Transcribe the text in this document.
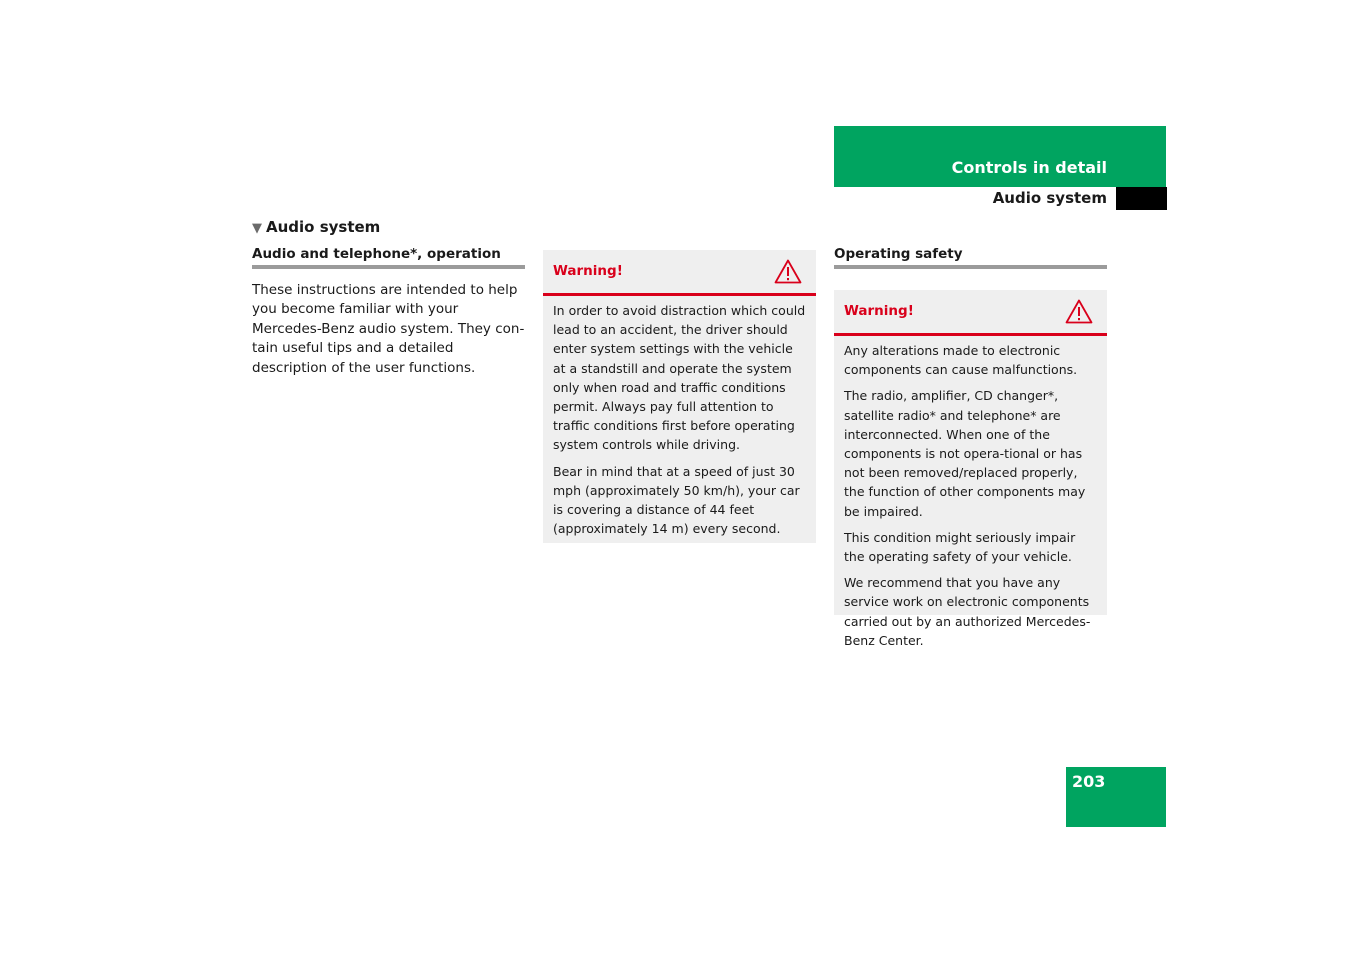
Controls in detail
Audio system
▼ Audio system
Audio and telephone*, operation
These instructions are intended to help you become familiar with your Mercedes-Benz audio system. They con-tain useful tips and a detailed description of the user functions.
Warning!

In order to avoid distraction which could lead to an accident, the driver should enter system settings with the vehicle at a standstill and operate the system only when road and traffic conditions permit. Always pay full attention to traffic conditions first before operating system controls while driving.

Bear in mind that at a speed of just 30 mph (approximately 50 km/h), your car is covering a distance of 44 feet (approximately 14 m) every second.

Operating safety
Warning!

Any alterations made to electronic components can cause malfunctions.

The radio, amplifier, CD changer*, satellite radio* and telephone* are interconnected. When one of the components is not opera-tional or has not been removed/replaced properly, the function of other components may be impaired.

This condition might seriously impair the operating safety of your vehicle.

We recommend that you have any service work on electronic components carried out by an authorized Mercedes-Benz Center.

203
